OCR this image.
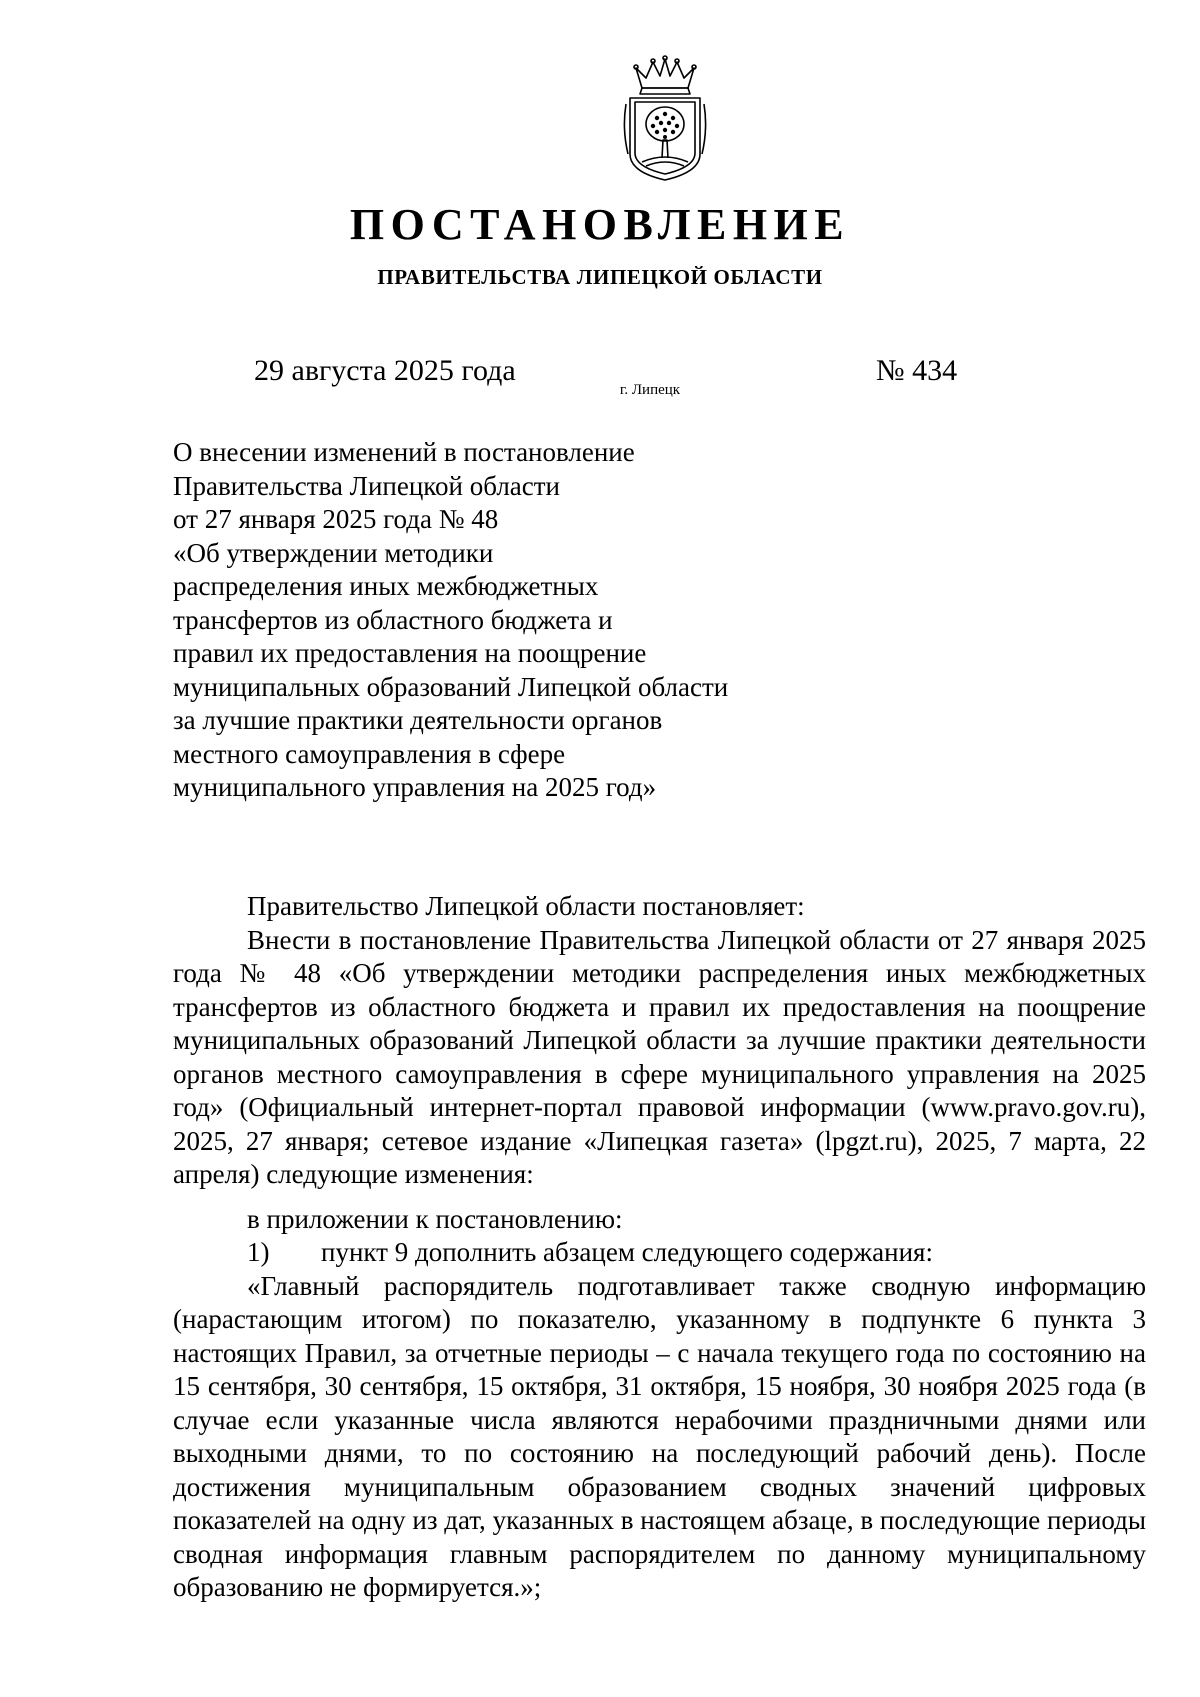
ПОСТАНОВЛЕНИЕ
ПРАВИТЕЛЬСТВА ЛИПЕЦКОЙ ОБЛАСТИ
29 августа 2025 года
г. Липецк
№ 434
О внесении изменений в постановление
Правительства Липецкой области
от 27 января 2025 года № 48
«Об утверждении методики
распределения иных межбюджетных
трансфертов из областного бюджета и
правил их предоставления на поощрение
муниципальных образований Липецкой области
за лучшие практики деятельности органов
местного самоуправления в сфере
муниципального управления на 2025 год»

Правительство Липецкой области постановляет:

Внести в постановление Правительства Липецкой области от 27 января 2025 года № 48 «Об утверждении методики распределения иных межбюджетных трансфертов из областного бюджета и правил их предоставления на поощрение муниципальных образований Липецкой области за лучшие практики деятельности органов местного самоуправления в сфере муниципального управления на 2025 год» (Официальный интернет-портал правовой информации (www.pravo.gov.ru), 2025, 27 января; сетевое издание «Липецкая газета» (lpgzt.ru), 2025, 7 марта, 22 апреля) следующие изменения:

в приложении к постановлению:

1) пункт 9 дополнить абзацем следующего содержания:

«Главный распорядитель подготавливает также сводную информацию (нарастающим итогом) по показателю, указанному в подпункте 6 пункта 3 настоящих Правил, за отчетные периоды – с начала текущего года по состоянию на 15 сентября, 30 сентября, 15 октября, 31 октября, 15 ноября, 30 ноября 2025 года (в случае если указанные числа являются нерабочими праздничными днями или выходными днями, то по состоянию на последующий рабочий день). После достижения муниципальным образованием сводных значений цифровых показателей на одну из дат, указанных в настоящем абзаце, в последующие периоды сводная информация главным распорядителем по данному муниципальному образованию не формируется.»;
